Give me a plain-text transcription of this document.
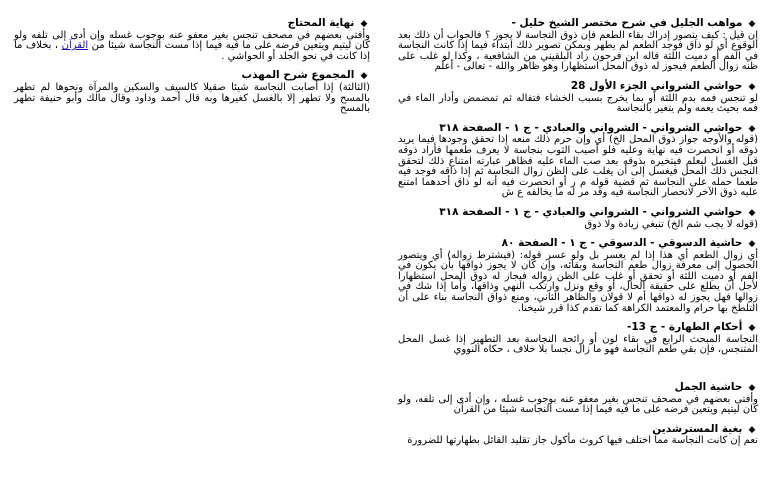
◆ مواهب الجليل في شرح مختصر الشيخ خليل -
إن قيل : كيف يتصور إدراك بقاء الطعم فإن ذوق النجاسة لا يجوز ؟ فالجواب أن ذلك بعد الوقوع أي لو ذاق فوجد الطعم لم يطهر ويمكن تصوير ذلك ابتداء فيما إذا كانت النجاسة في الفم أو دميت اللثة قاله ابن فرحون زاد البلقيني من الشافعية ، وكذا لو غلب على ظنه زوال الطعم فيجوز له ذوق المحل استظهارا وهو ظاهر والله - تعالى - أعلم
◆ حواشي الشرواني الجزء الأول 28
لو تنجس فمه بدم اللثة أو بما يخرج بسبب الخشاء فتفاله ثم تمضمض وأدار الماء في فمه بحيث يعمه ولم يتغير بالنجاسة
◆ حواشي الشرواني - الشرواني والعبادي - ج ١ - الصفحة ٣١٨
(قوله والأوجه جواز ذوق المحل الخ) أي وإن حرم ذلك منعه إذا تحقق وجودها فيما يريد ذوقه أو انحصرت فيه نهاية وعليه فلو أصيب الثوب بنجاسة لا يعرف طعمها فأراد ذوقه قبل الغسل ليعلم فيتخيره بذوقه بعد صب الماء عليه فظاهر عبارته امتناع ذلك لتحقق النجس ذلك المحل فيغسل إلى أن يغلب على الظن زوال النجاسة ثم إذا ذاقه فوجد فيه طعما حمله على النجاسة ثم قضية قوله م ر أو انحصرت فيه أنه لو ذاق أحدهما امتنع عليه ذوق الآخر لانحصار النجاسة فيه وقد مر له ما يخالفه ع ش
◆ حواشي الشرواني - الشرواني والعبادي - ج ١ - الصفحة ٣١٨
(قوله لا يجب شم الخ) تنبغي زيادة ولا ذوق
◆ حاشية الدسوقي - الدسوقي - ج ١ - الصفحة ٨٠
أي زوال الطعم أي هذا إذا لم يعسر بل ولو عسر قوله: (فيشترط زواله) أي ويتصور الحصول إلى معرفة زوال طعم النجاسة وبقائه، وإن كان لا يجوز ذواقها بأن يكون في الفم أو دميت اللثة أو تحقق أو غلب على الظن زواله فيجاز له ذوق المحل استظهارا لأجل أن يطلع على حقيقة الحال، أو وقع ونزل وارتكب النهي وذاقها، وأما إذا شك في زوالها فهل يجوز له ذواقها أم لا قولان والظاهر الثاني، ومنع ذواق النجاسة بناء على أن التلطخ بها حرام والمعتمد الكراهة كما تقدم كذا قرر شيخنا.
◆ أحكام الطهارة - ج 13-
النجاسة المبحث الرابع في بقاء لون أو رائحة النجاسة بعد التطهير إذا غسل المحل المتنجس، فإن بقي طعم النجاسة فهو ما زال نجسا بلا خلاف ، حكاه النووي
◆ حاشية الجمل
وأفتى بعضهم في مصحف تنجس بغير معفو عنه بوجوب غسله ، وإن أدى إلى تلفه، ولو كان ليتيم ويتعين فرضه على ما فيه فيما إذا مست النجاسة شيئا من القرآن
◆ بغية المسترشدين
نعم إن كانت النجاسة مما اختلف فيها كروث مأكول جاز تقليد القائل بطهارتها للضرورة
◆ نهاية المحتاج
وأفتى بعضهم في مصحف تنجس بغير معفو عنه بوجوب غسله وإن أدى إلى تلفه ولو كان ليتيم ويتعين فرضه على ما فيه فيما إذا مست النجاسة شيئا من القرآن ، بخلاف ما إذا كانت في نحو الجلد أو الحواشي .
◆ المجموع شرح المهذب
(الثالثة) إذا أصابت النجاسة شيئا صقيلا كالسيف والسكين والمرآة ونحوها لم تطهر بالمسح ولا تطهر إلا بالغسل كغيرها وبه قال أحمد وداود وقال مالك وأبو حنيفة تطهر بالمسح
